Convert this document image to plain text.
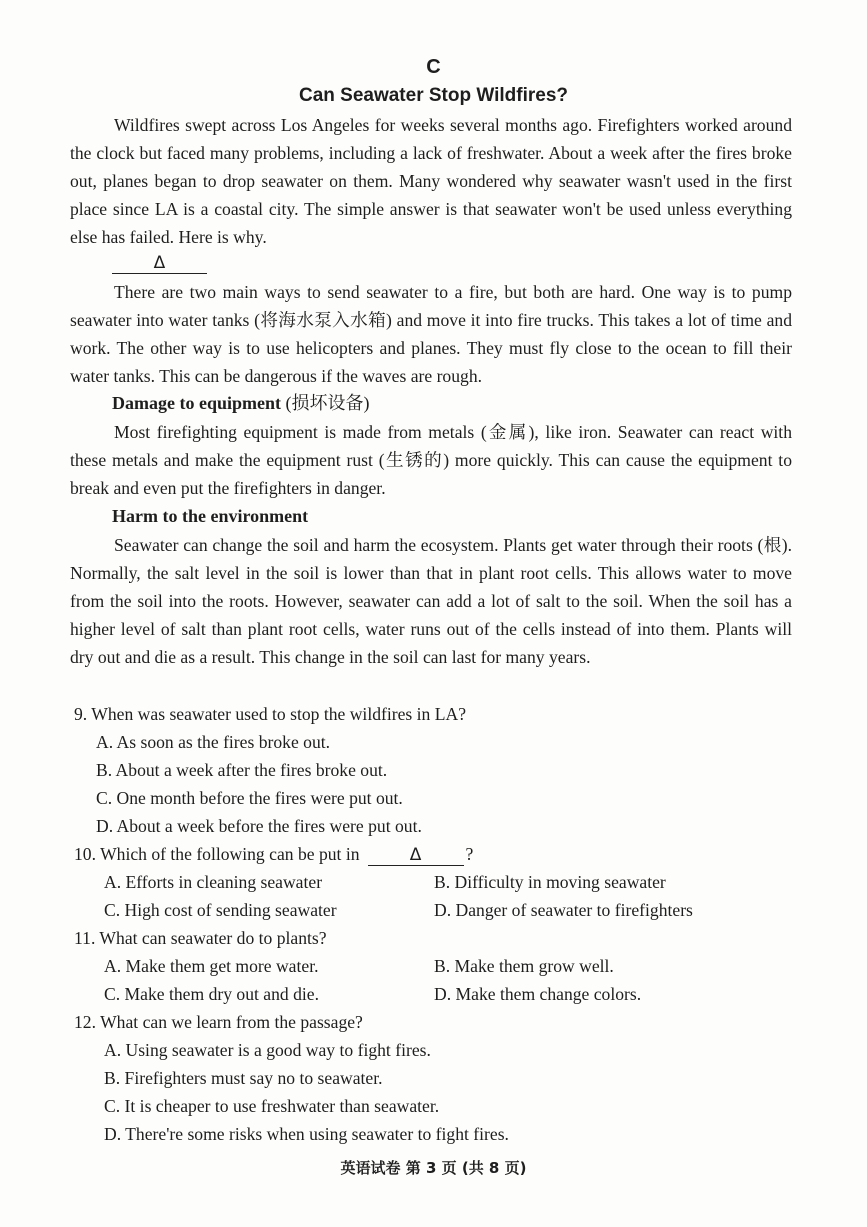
C
Can Seawater Stop Wildfires?

Wildfires swept across Los Angeles for weeks several months ago. Firefighters worked around the clock but faced many problems, including a lack of freshwater. About a week after the fires broke out, planes began to drop seawater on them. Many wondered why seawater wasn't used in the first place since LA is a coastal city. The simple answer is that seawater won't be used unless everything else has failed. Here is why.

Δ

There are two main ways to send seawater to a fire, but both are hard. One way is to pump seawater into water tanks (将海水泵入水箱) and move it into fire trucks. This takes a lot of time and work. The other way is to use helicopters and planes. They must fly close to the ocean to fill their water tanks. This can be dangerous if the waves are rough.

Damage to equipment (损坏设备)

Most firefighting equipment is made from metals (金属), like iron. Seawater can react with these metals and make the equipment rust (生锈的) more quickly. This can cause the equipment to break and even put the firefighters in danger.

Harm to the environment

Seawater can change the soil and harm the ecosystem. Plants get water through their roots (根). Normally, the salt level in the soil is lower than that in plant root cells. This allows water to move from the soil into the roots. However, seawater can add a lot of salt to the soil. When the soil has a higher level of salt than plant root cells, water runs out of the cells instead of into them. Plants will dry out and die as a result. This change in the soil can last for many years.

9. When was seawater used to stop the wildfires in LA?
A. As soon as the fires broke out.
B. About a week after the fires broke out.
C. One month before the fires were put out.
D. About a week before the fires were put out.
10. Which of the following can be put in	Δ	?
A. Efforts in cleaning seawater	B. Difficulty in moving seawater
C. High cost of sending seawater	D. Danger of seawater to firefighters
11. What can seawater do to plants?
A. Make them get more water.	B. Make them grow well.
C. Make them dry out and die.	D. Make them change colors.
12. What can we learn from the passage?
A. Using seawater is a good way to fight fires.
B. Firefighters must say no to seawater.
C. It is cheaper to use freshwater than seawater.
D. There're some risks when using seawater to fight fires.
英语试卷 第 3 页 (共 8 页)
